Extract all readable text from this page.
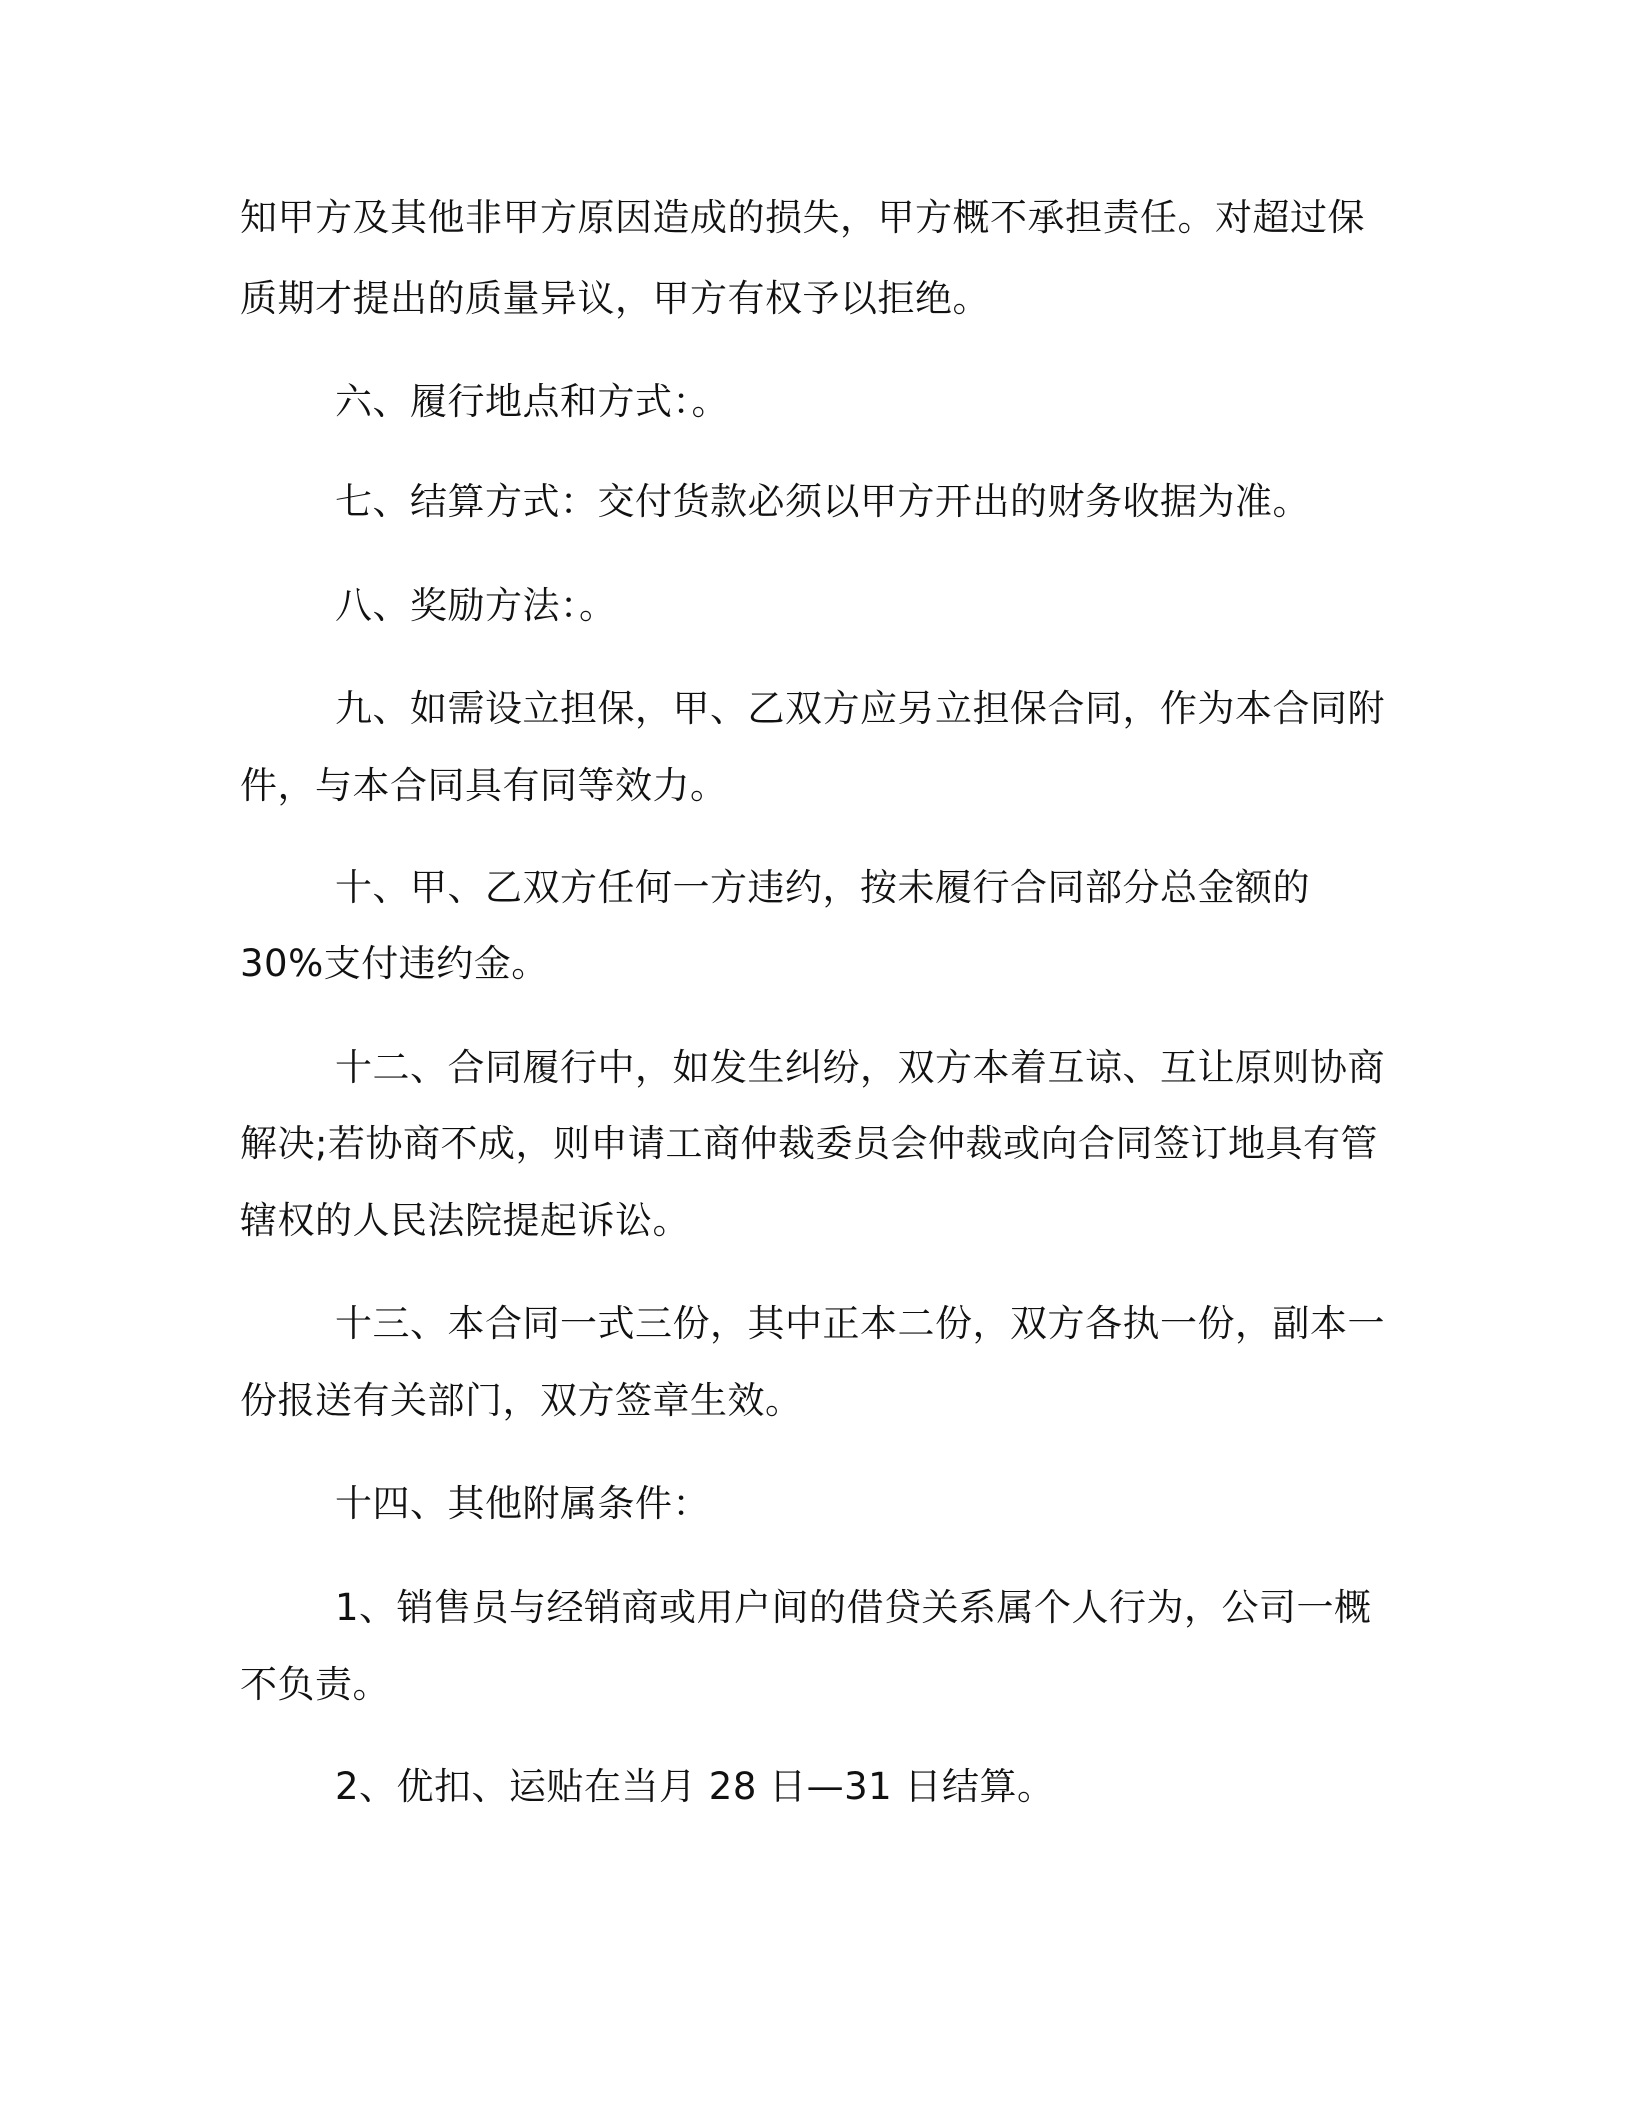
知甲方及其他非甲方原因造成的损失，甲方概不承担责任。对超过保
质期才提出的质量异议，甲方有权予以拒绝。
六、履行地点和方式：。
七、结算方式：交付货款必须以甲方开出的财务收据为准。
八、奖励方法：。
九、如需设立担保，甲、乙双方应另立担保合同，作为本合同附
件，与本合同具有同等效力。
十、甲、乙双方任何一方违约，按未履行合同部分总金额的
30%支付违约金。
十二、合同履行中，如发生纠纷，双方本着互谅、互让原则协商
解决;若协商不成，则申请工商仲裁委员会仲裁或向合同签订地具有管
辖权的人民法院提起诉讼。
十三、本合同一式三份，其中正本二份，双方各执一份，副本一
份报送有关部门，双方签章生效。
十四、其他附属条件：
1、销售员与经销商或用户间的借贷关系属个人行为，公司一概
不负责。
2、优扣、运贴在当月 28 日—31 日结算。
